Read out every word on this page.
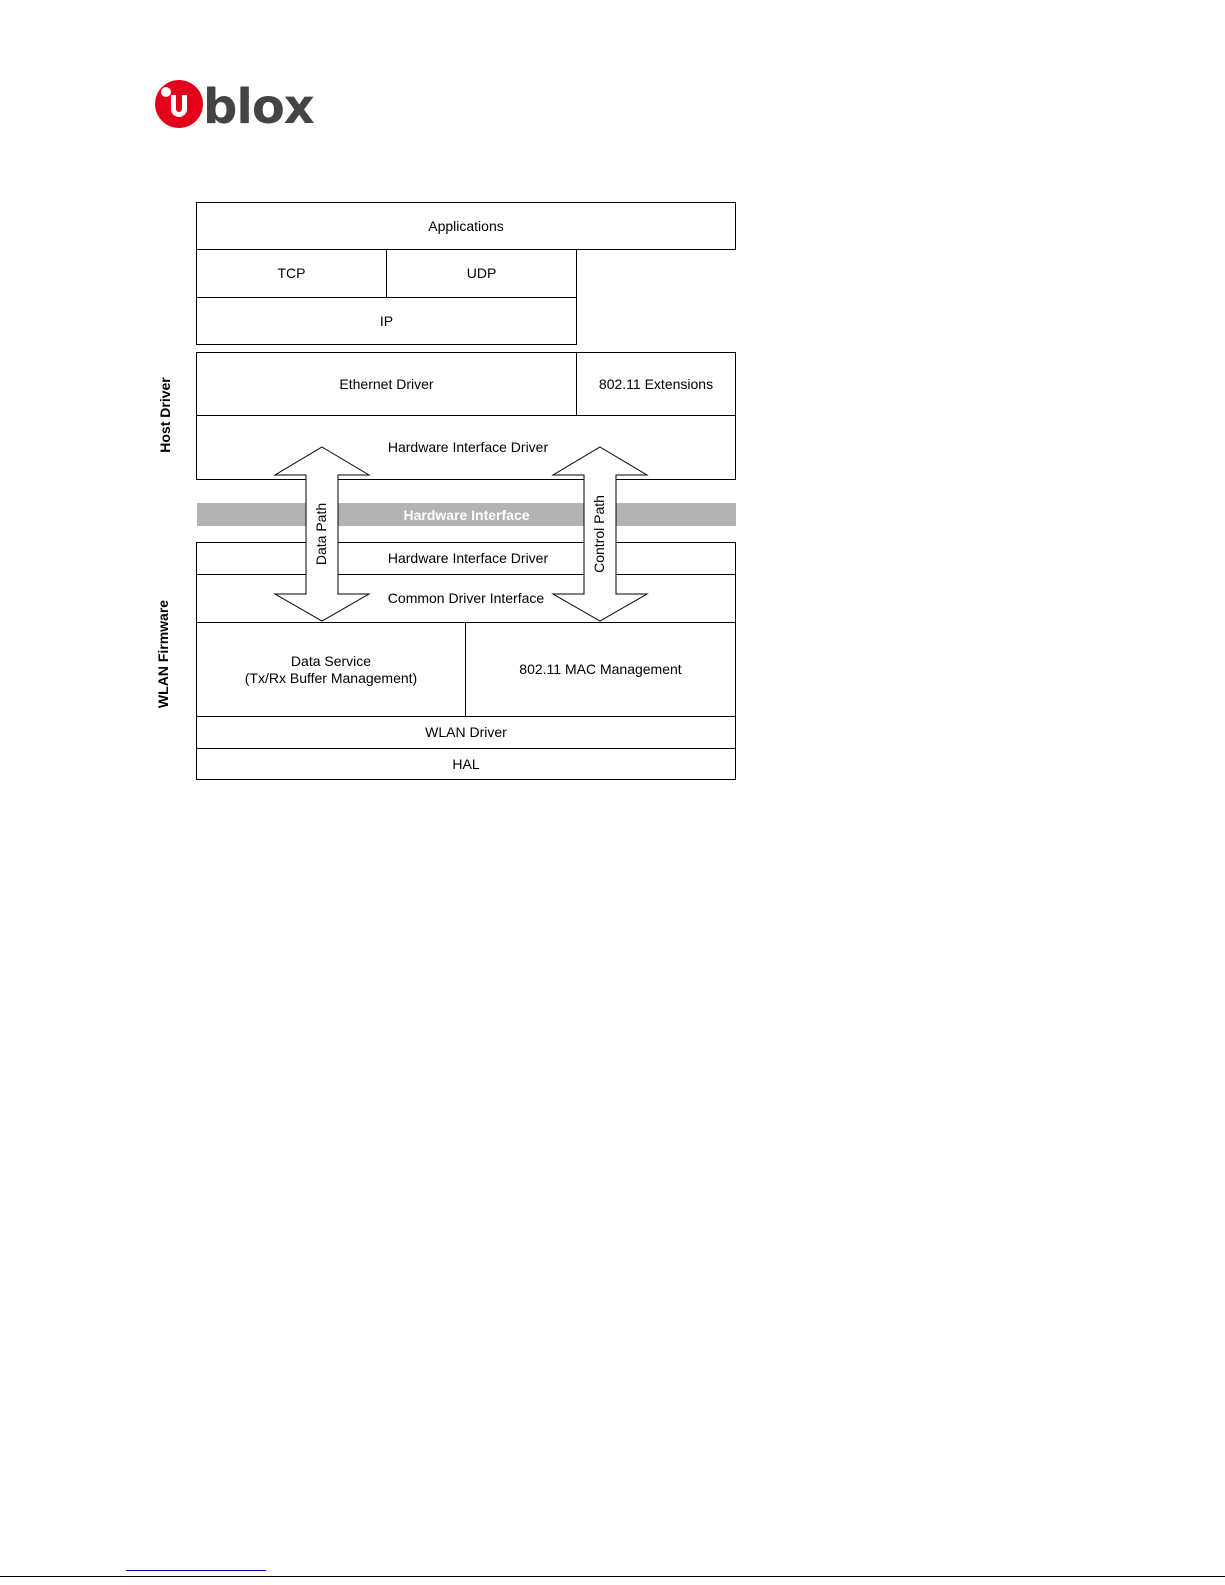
blox
Applications
TCP	UDP
IP
Ethernet Driver	802.11 Extensions
Hardware Interface Driver
Hardware Interface
Hardware Interface Driver
Common Driver Interface
Data Service
(Tx/Rx Buffer Management)
802.11 MAC Management
WLAN Driver
HAL
Data Path	Control Path
Host Driver
WLAN Firmware
